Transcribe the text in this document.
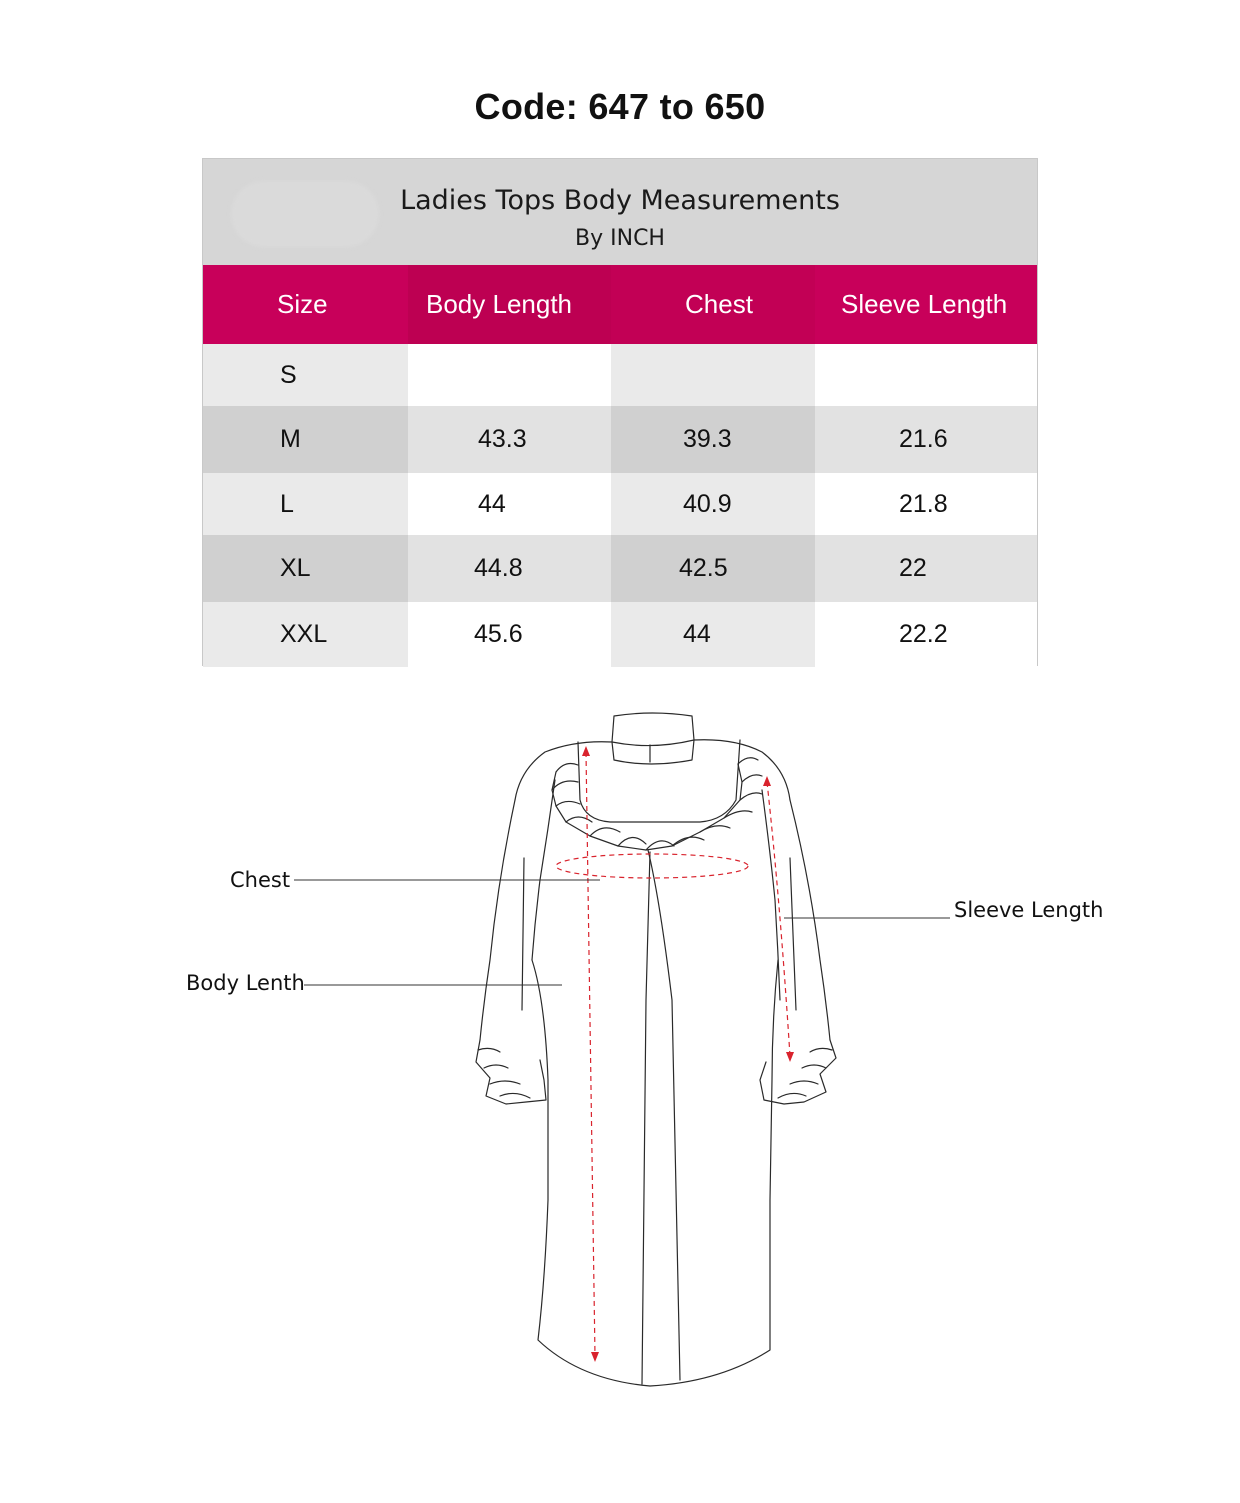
Code: 647 to 650
Ladies Tops Body Measurements
By INCH
Size	Body Length	Chest	Sleeve Length
S			
M	43.3	39.3	21.6
L	44	40.9	21.8
XL	44.8	42.5	22
XXL	45.6	44	22.2
Chest
Body Lenth
Sleeve Length
